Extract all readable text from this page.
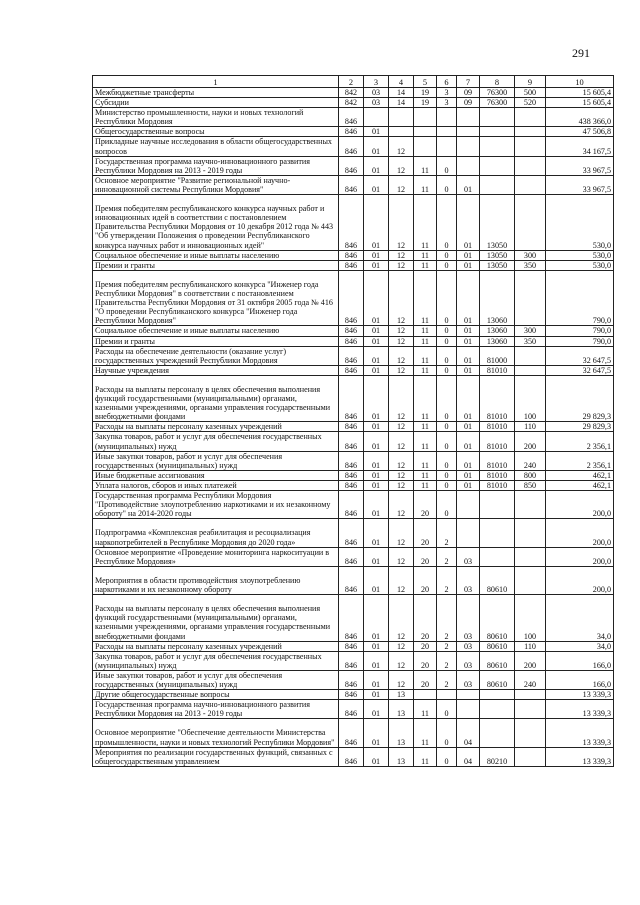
291
1	2	3	4	5	6	7	8	9	10
Межбюджетные трансферты	842	03	14	19	3	09	76300	500	15 605,4
Субсидии	842	03	14	19	3	09	76300	520	15 605,4
Министерство промышленности, науки и новых технологий Республики Мордовия	846								438 366,0
Общегосударственные вопросы	846	01							47 506,8
Прикладные научные исследования в области общегосударственных вопросов	846	01	12						34 167,5
Государственная программа научно-инновационного развития Республики Мордовия на 2013 - 2019 годы	846	01	12	11	0				33 967,5
Основное мероприятие "Развитие региональной научно-инновационной системы Республики Мордовия"	846	01	12	11	0	01			33 967,5
Премия победителям республиканского конкурса научных работ и инновационных идей в соответствии с постановлением Правительства Республики Мордовия от 10 декабря 2012 года № 443 "Об утверждении Положения о проведении Республиканского конкурса научных работ и инновационных идей"	846	01	12	11	0	01	13050		530,0
Социальное обеспечение и иные выплаты населению	846	01	12	11	0	01	13050	300	530,0
Премии и гранты	846	01	12	11	0	01	13050	350	530,0
Премия победителям республиканского конкурса "Инженер года Республики Мордовия" в соответствии с постановлением Правительства Республики Мордовия от 31 октября 2005 года № 416 "О проведении Республиканского конкурса "Инженер года Республики Мордовия"	846	01	12	11	0	01	13060		790,0
Социальное обеспечение и иные выплаты населению	846	01	12	11	0	01	13060	300	790,0
Премии и гранты	846	01	12	11	0	01	13060	350	790,0
Расходы на обеспечение деятельности (оказание услуг) государственных учреждений Республики Мордовия	846	01	12	11	0	01	81000		32 647,5
Научные учреждения	846	01	12	11	0	01	81010		32 647,5
Расходы на выплаты персоналу в целях обеспечения выполнения функций государственными (муниципальными) органами, казенными учреждениями, органами управления государственными внебюджетными фондами	846	01	12	11	0	01	81010	100	29 829,3
Расходы на выплаты персоналу казенных учреждений	846	01	12	11	0	01	81010	110	29 829,3
Закупка товаров, работ и услуг для обеспечения государственных (муниципальных) нужд	846	01	12	11	0	01	81010	200	2 356,1
Иные закупки товаров, работ и услуг для обеспечения государственных (муниципальных) нужд	846	01	12	11	0	01	81010	240	2 356,1
Иные бюджетные ассигнования	846	01	12	11	0	01	81010	800	462,1
Уплата налогов, сборов и иных платежей	846	01	12	11	0	01	81010	850	462,1
Государственная программа Республики Мордовия "Противодействие злоупотреблению наркотиками и их незаконному обороту" на 2014-2020 годы	846	01	12	20	0				200,0
Подпрограмма «Комплексная реабилитация и ресоциализация наркопотребителей в Республике Мордовия до 2020 года»	846	01	12	20	2				200,0
Основное мероприятие «Проведение мониторинга наркоситуации в Республике Мордовия»	846	01	12	20	2	03			200,0
Мероприятия в области противодействия злоупотреблению наркотиками и их незаконному обороту	846	01	12	20	2	03	80610		200,0
Расходы на выплаты персоналу в целях обеспечения выполнения функций государственными (муниципальными) органами, казенными учреждениями, органами управления государственными внебюджетными фондами	846	01	12	20	2	03	80610	100	34,0
Расходы на выплаты персоналу казенных учреждений	846	01	12	20	2	03	80610	110	34,0
Закупка товаров, работ и услуг для обеспечения государственных (муниципальных) нужд	846	01	12	20	2	03	80610	200	166,0
Иные закупки товаров, работ и услуг для обеспечения государственных (муниципальных) нужд	846	01	12	20	2	03	80610	240	166,0
Другие общегосударственные вопросы	846	01	13						13 339,3
Государственная программа научно-инновационного развития Республики Мордовия на 2013 - 2019 годы	846	01	13	11	0				13 339,3
Основное мероприятие "Обеспечение деятельности Министерства промышленности, науки и новых технологий Республики Мордовия"	846	01	13	11	0	04			13 339,3
Мероприятия по реализации государственных функций, связанных с общегосударственным управлением	846	01	13	11	0	04	80210		13 339,3
